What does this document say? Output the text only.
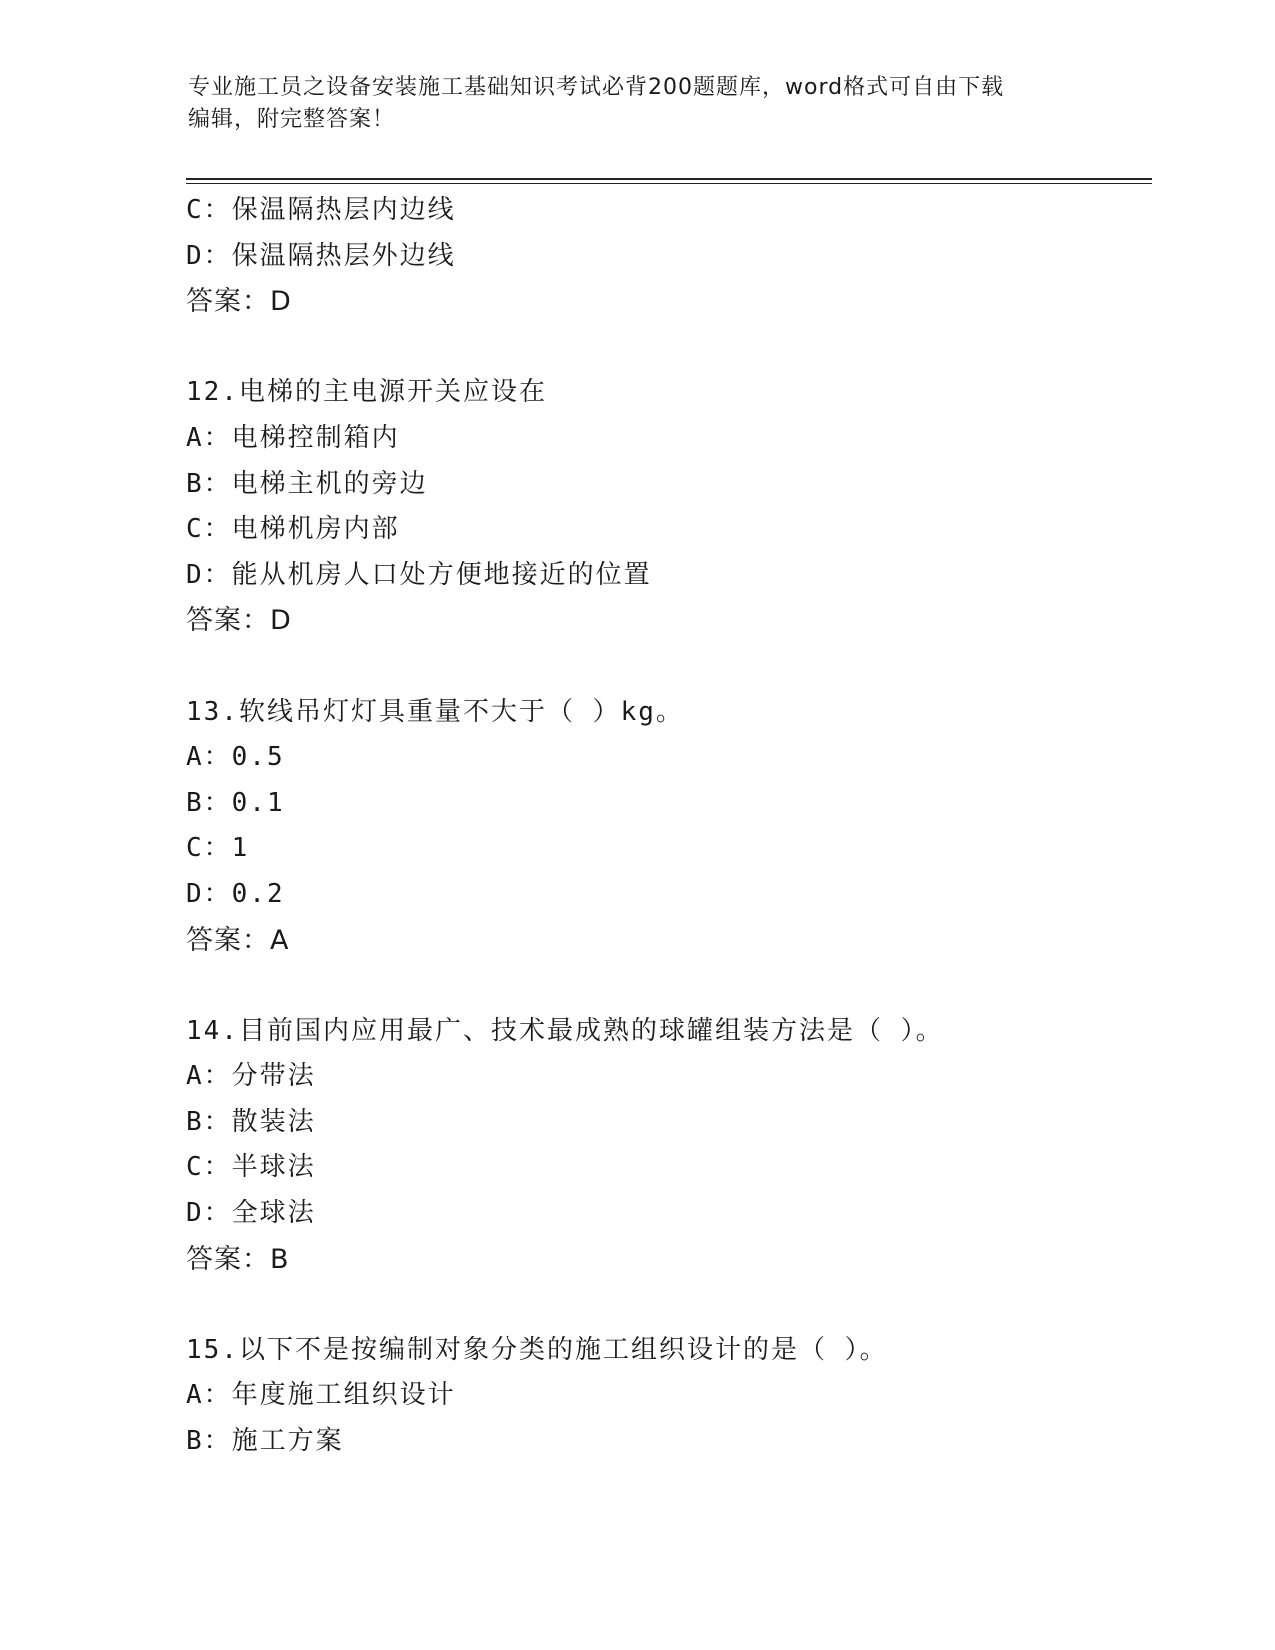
专业施工员之设备安装施工基础知识考试必背200题题库，word格式可自由下载
编辑，附完整答案！
C：保温隔热层内边线
D：保温隔热层外边线
答案：D
12.电梯的主电源开关应设在
A：电梯控制箱内
B：电梯主机的旁边
C：电梯机房内部
D：能从机房人口处方便地接近的位置
答案：D
13.软线吊灯灯具重量不大于（ ）kg。
A：0.5
B：0.1
C：1
D：0.2
答案：A
14.目前国内应用最广、技术最成熟的球罐组装方法是（ ）。
A：分带法
B：散装法
C：半球法
D：全球法
答案：B
15.以下不是按编制对象分类的施工组织设计的是（ ）。
A：年度施工组织设计
B：施工方案
